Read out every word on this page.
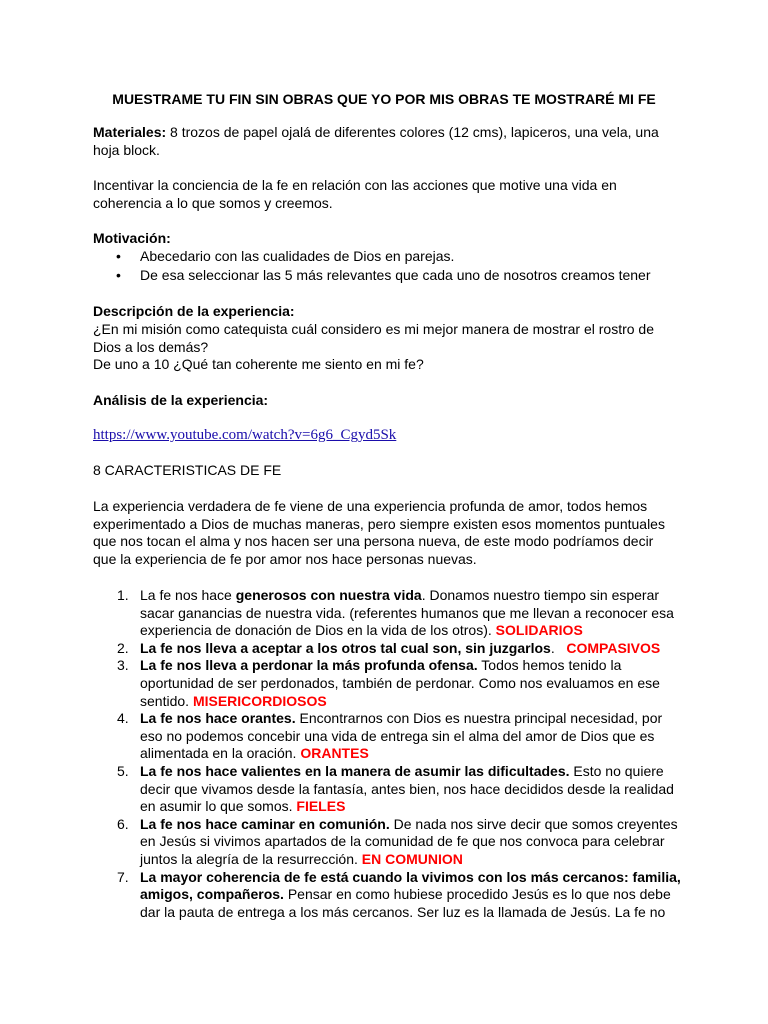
MUESTRAME TU FIN SIN OBRAS QUE YO POR MIS OBRAS TE MOSTRARÉ MI FE

Materiales: 8 trozos de papel ojalá de diferentes colores (12 cms), lapiceros, una vela, una hoja block.

Incentivar la conciencia de la fe en relación con las acciones que motive una vida en coherencia a lo que somos y creemos.

Motivación:

• Abecedario con las cualidades de Dios en parejas.
• De esa seleccionar las 5 más relevantes que cada uno de nosotros creamos tener

Descripción de la experiencia:

¿En mi misión como catequista cuál considero es mi mejor manera de mostrar el rostro de Dios a los demás?

De uno a 10 ¿Qué tan coherente me siento en mi fe?

Análisis de la experiencia:

https://www.youtube.com/watch?v=6g6_Cgyd5Sk

8 CARACTERISTICAS DE FE

La experiencia verdadera de fe viene de una experiencia profunda de amor, todos hemos experimentado a Dios de muchas maneras, pero siempre existen esos momentos puntuales que nos tocan el alma y nos hacen ser una persona nueva, de este modo podríamos decir que la experiencia de fe por amor nos hace personas nuevas.

1. La fe nos hace generosos con nuestra vida. Donamos nuestro tiempo sin esperar sacar ganancias de nuestra vida. (referentes humanos que me llevan a reconocer esa experiencia de donación de Dios en la vida de los otros). SOLIDARIOS
2. La fe nos lleva a aceptar a los otros tal cual son, sin juzgarlos.   COMPASIVOS
3. La fe nos lleva a perdonar la más profunda ofensa. Todos hemos tenido la oportunidad de ser perdonados, también de perdonar. Como nos evaluamos en ese sentido. MISERICORDIOSOS
4. La fe nos hace orantes. Encontrarnos con Dios es nuestra principal necesidad, por eso no podemos concebir una vida de entrega sin el alma del amor de Dios que es alimentada en la oración. ORANTES
5. La fe nos hace valientes en la manera de asumir las dificultades. Esto no quiere decir que vivamos desde la fantasía, antes bien, nos hace decididos desde la realidad en asumir lo que somos. FIELES
6. La fe nos hace caminar en comunión. De nada nos sirve decir que somos creyentes en Jesús si vivimos apartados de la comunidad de fe que nos convoca para celebrar juntos la alegría de la resurrección. EN COMUNION
7. La mayor coherencia de fe está cuando la vivimos con los más cercanos: familia, amigos, compañeros. Pensar en como hubiese procedido Jesús es lo que nos debe dar la pauta de entrega a los más cercanos. Ser luz es la llamada de Jesús. La fe no
